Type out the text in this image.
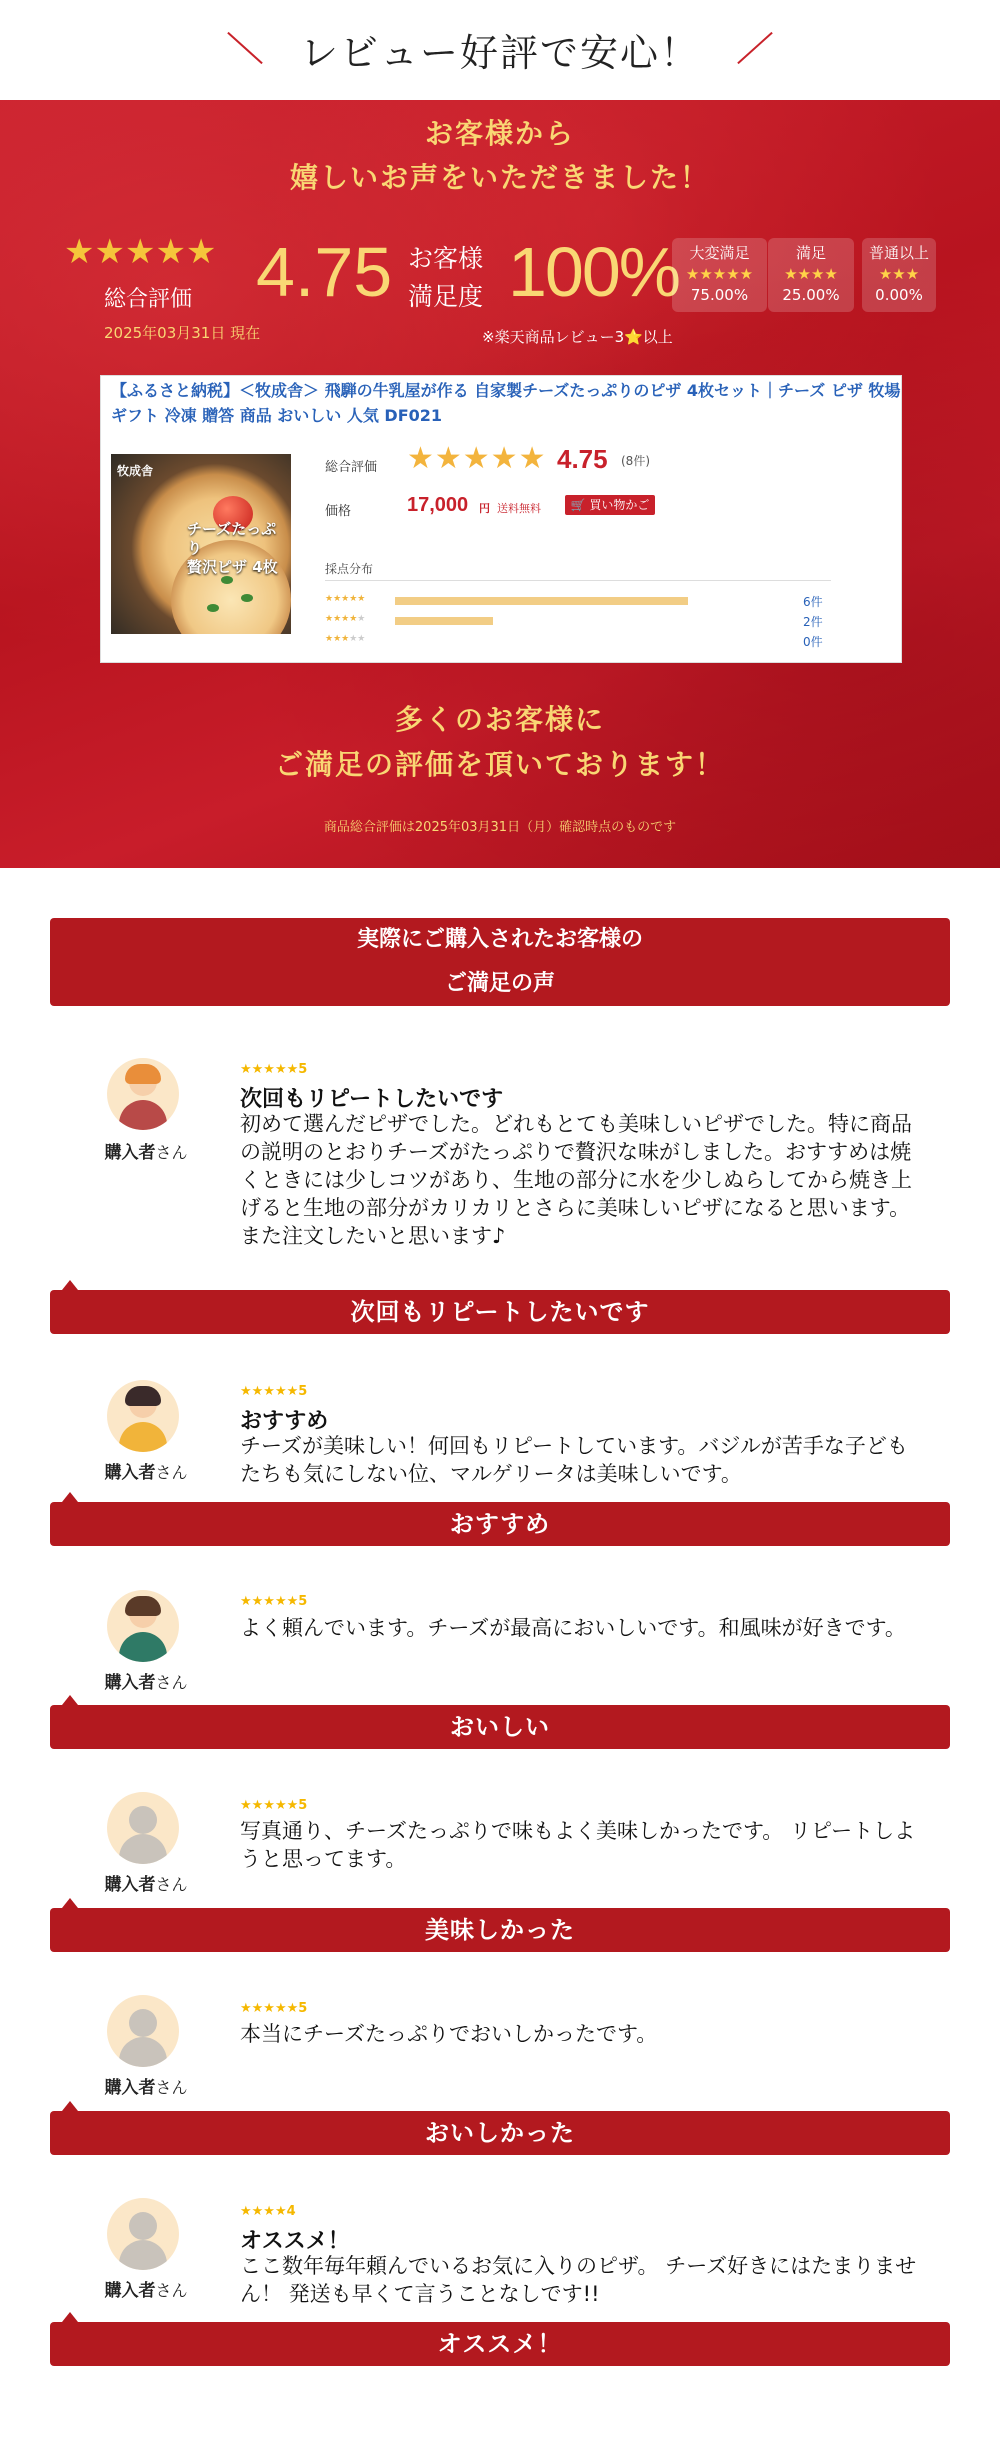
レビュー好評で安心！
お客様から
嬉しいお声をいただきました！
★★★★★
総合評価
2025年03月31日 現在
4.75 お客様
満足度 100% 大変満足
★★★★★
75.00%
満足
★★★★
25.00%
普通以上
★★★
0.00%
※楽天商品レビュー3⭐以上
【ふるさと納税】＜牧成舎＞ 飛騨の牛乳屋が作る 自家製チーズたっぷりのピザ 4枚セット｜チーズ ピザ 牧場 ギフト 冷凍 贈答 商品 おいしい 人気 DF021
牧成舎
チーズたっぷり
贅沢ピザ 4枚
総合評価 ★★★★★ 4.75 (8件)
価格	17,000 円 送料無料	🛒 買い物かご
採点分布
★★★★★	6件
★★★★★	2件
★★★★★	0件
多くのお客様に
ご満足の評価を頂いております！
商品総合評価は2025年03月31日（月）確認時点のものです
実際にご購入されたお客様の
ご満足の声
購入者さん
★★★★★5
次回もリピートしたいです
初めて選んだピザでした。どれもとても美味しいピザでした。特に商品の説明のとおりチーズがたっぷりで贅沢な味がしました。おすすめは焼くときには少しコツがあり、生地の部分に水を少しぬらしてから焼き上げると生地の部分がカリカリとさらに美味しいピザになると思います。また注文したいと思います♪
次回もリピートしたいです
購入者さん
★★★★★5
おすすめ
チーズが美味しい！何回もリピートしています。バジルが苦手な子どもたちも気にしない位、マルゲリータは美味しいです。
おすすめ
購入者さん
★★★★★5
よく頼んでいます。チーズが最高においしいです。和風味が好きです。
おいしい
購入者さん
★★★★★5
写真通り、チーズたっぷりで味もよく美味しかったです。 リピートしようと思ってます。
美味しかった
購入者さん
★★★★★5
本当にチーズたっぷりでおいしかったです。
おいしかった
購入者さん
★★★★4
オススメ！
ここ数年毎年頼んでいるお気に入りのピザ。 チーズ好きにはたまりません！ 発送も早くて言うことなしです!!
オススメ！
